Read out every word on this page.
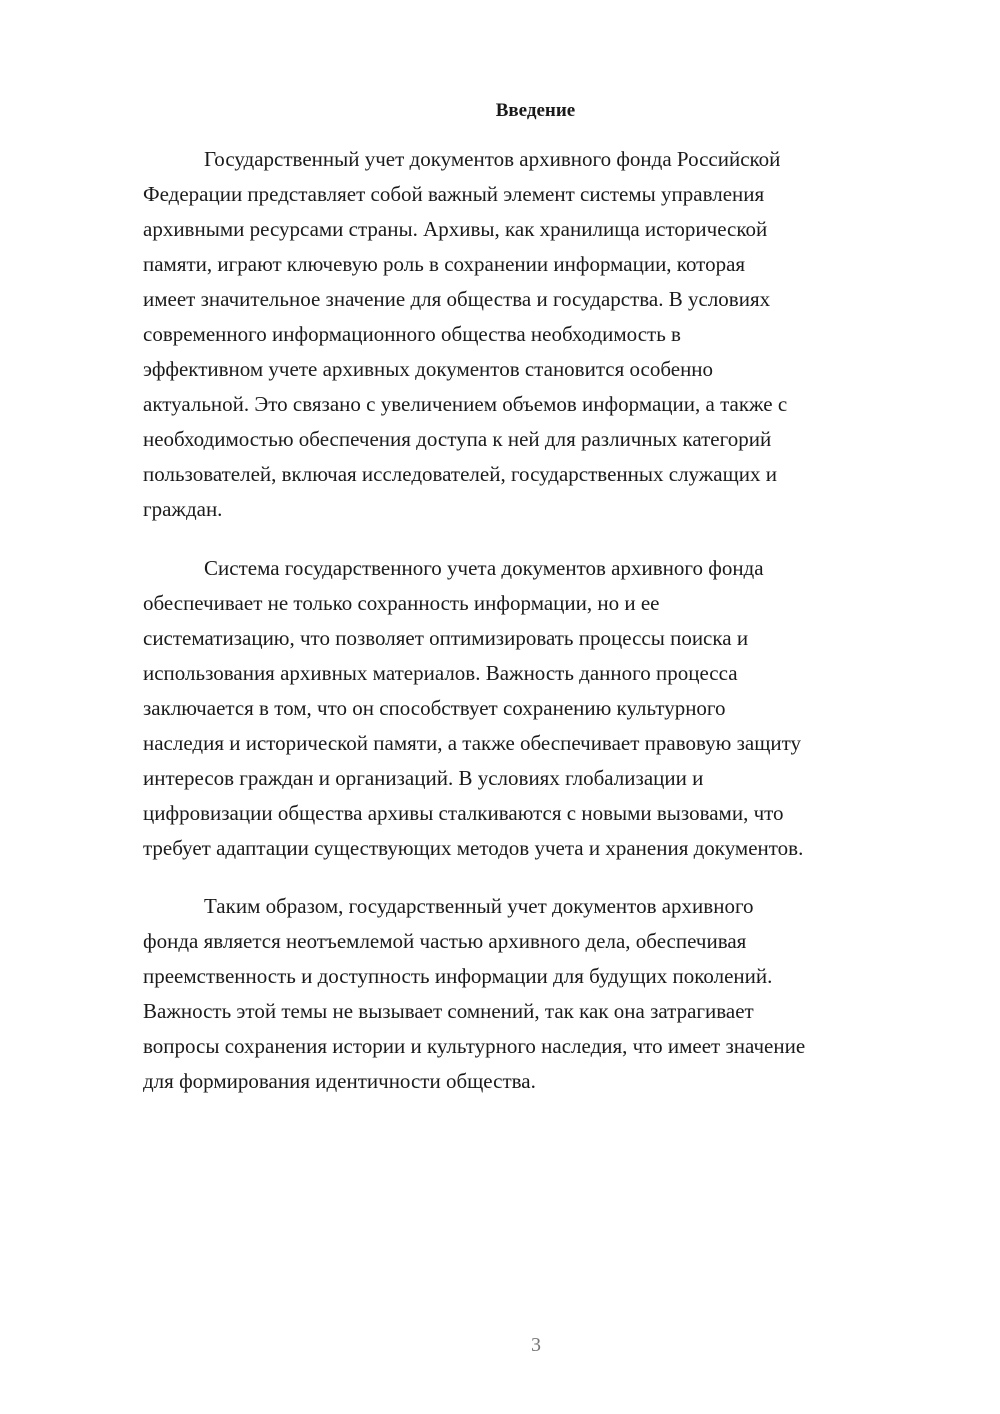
Введение
Государственный учет документов архивного фонда Российской
Федерации представляет собой важный элемент системы управления
архивными ресурсами страны. Архивы, как хранилища исторической
памяти, играют ключевую роль в сохранении информации, которая
имеет значительное значение для общества и государства. В условиях
современного информационного общества необходимость в
эффективном учете архивных документов становится особенно
актуальной. Это связано с увеличением объемов информации, а также с
необходимостью обеспечения доступа к ней для различных категорий
пользователей, включая исследователей, государственных служащих и
граждан.
Система государственного учета документов архивного фонда
обеспечивает не только сохранность информации, но и ее
систематизацию, что позволяет оптимизировать процессы поиска и
использования архивных материалов. Важность данного процесса
заключается в том, что он способствует сохранению культурного
наследия и исторической памяти, а также обеспечивает правовую защиту
интересов граждан и организаций. В условиях глобализации и
цифровизации общества архивы сталкиваются с новыми вызовами, что
требует адаптации существующих методов учета и хранения документов.
Таким образом, государственный учет документов архивного
фонда является неотъемлемой частью архивного дела, обеспечивая
преемственность и доступность информации для будущих поколений.
Важность этой темы не вызывает сомнений, так как она затрагивает
вопросы сохранения истории и культурного наследия, что имеет значение
для формирования идентичности общества.
3
